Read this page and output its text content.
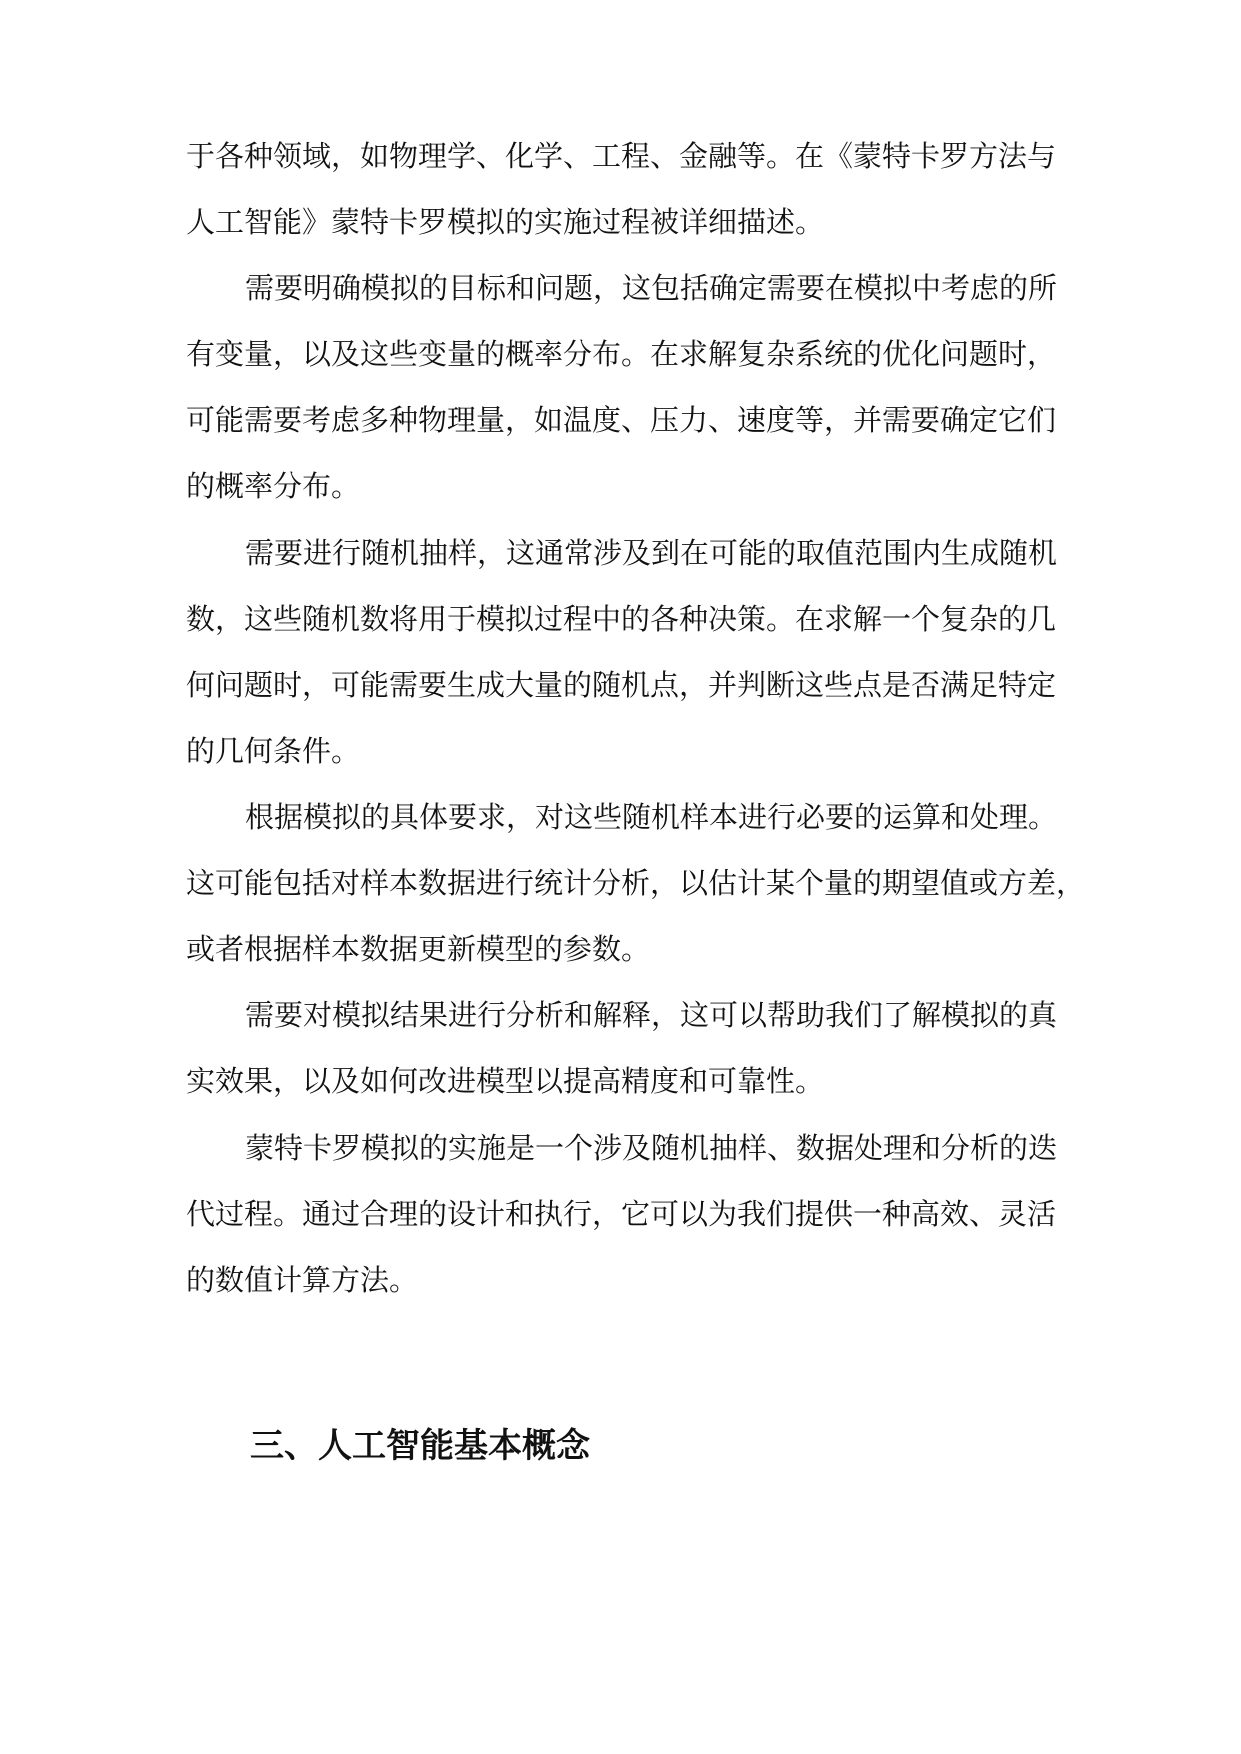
于各种领域，如物理学、化学、工程、金融等。在《蒙特卡罗方法与
人工智能》蒙特卡罗模拟的实施过程被详细描述。
需要明确模拟的目标和问题，这包括确定需要在模拟中考虑的所
有变量，以及这些变量的概率分布。在求解复杂系统的优化问题时，
可能需要考虑多种物理量，如温度、压力、速度等，并需要确定它们
的概率分布。
需要进行随机抽样，这通常涉及到在可能的取值范围内生成随机
数，这些随机数将用于模拟过程中的各种决策。在求解一个复杂的几
何问题时，可能需要生成大量的随机点，并判断这些点是否满足特定
的几何条件。
根据模拟的具体要求，对这些随机样本进行必要的运算和处理。
这可能包括对样本数据进行统计分析，以估计某个量的期望值或方差，
或者根据样本数据更新模型的参数。
需要对模拟结果进行分析和解释，这可以帮助我们了解模拟的真
实效果，以及如何改进模型以提高精度和可靠性。
蒙特卡罗模拟的实施是一个涉及随机抽样、数据处理和分析的迭
代过程。通过合理的设计和执行，它可以为我们提供一种高效、灵活
的数值计算方法。
三、人工智能基本概念
